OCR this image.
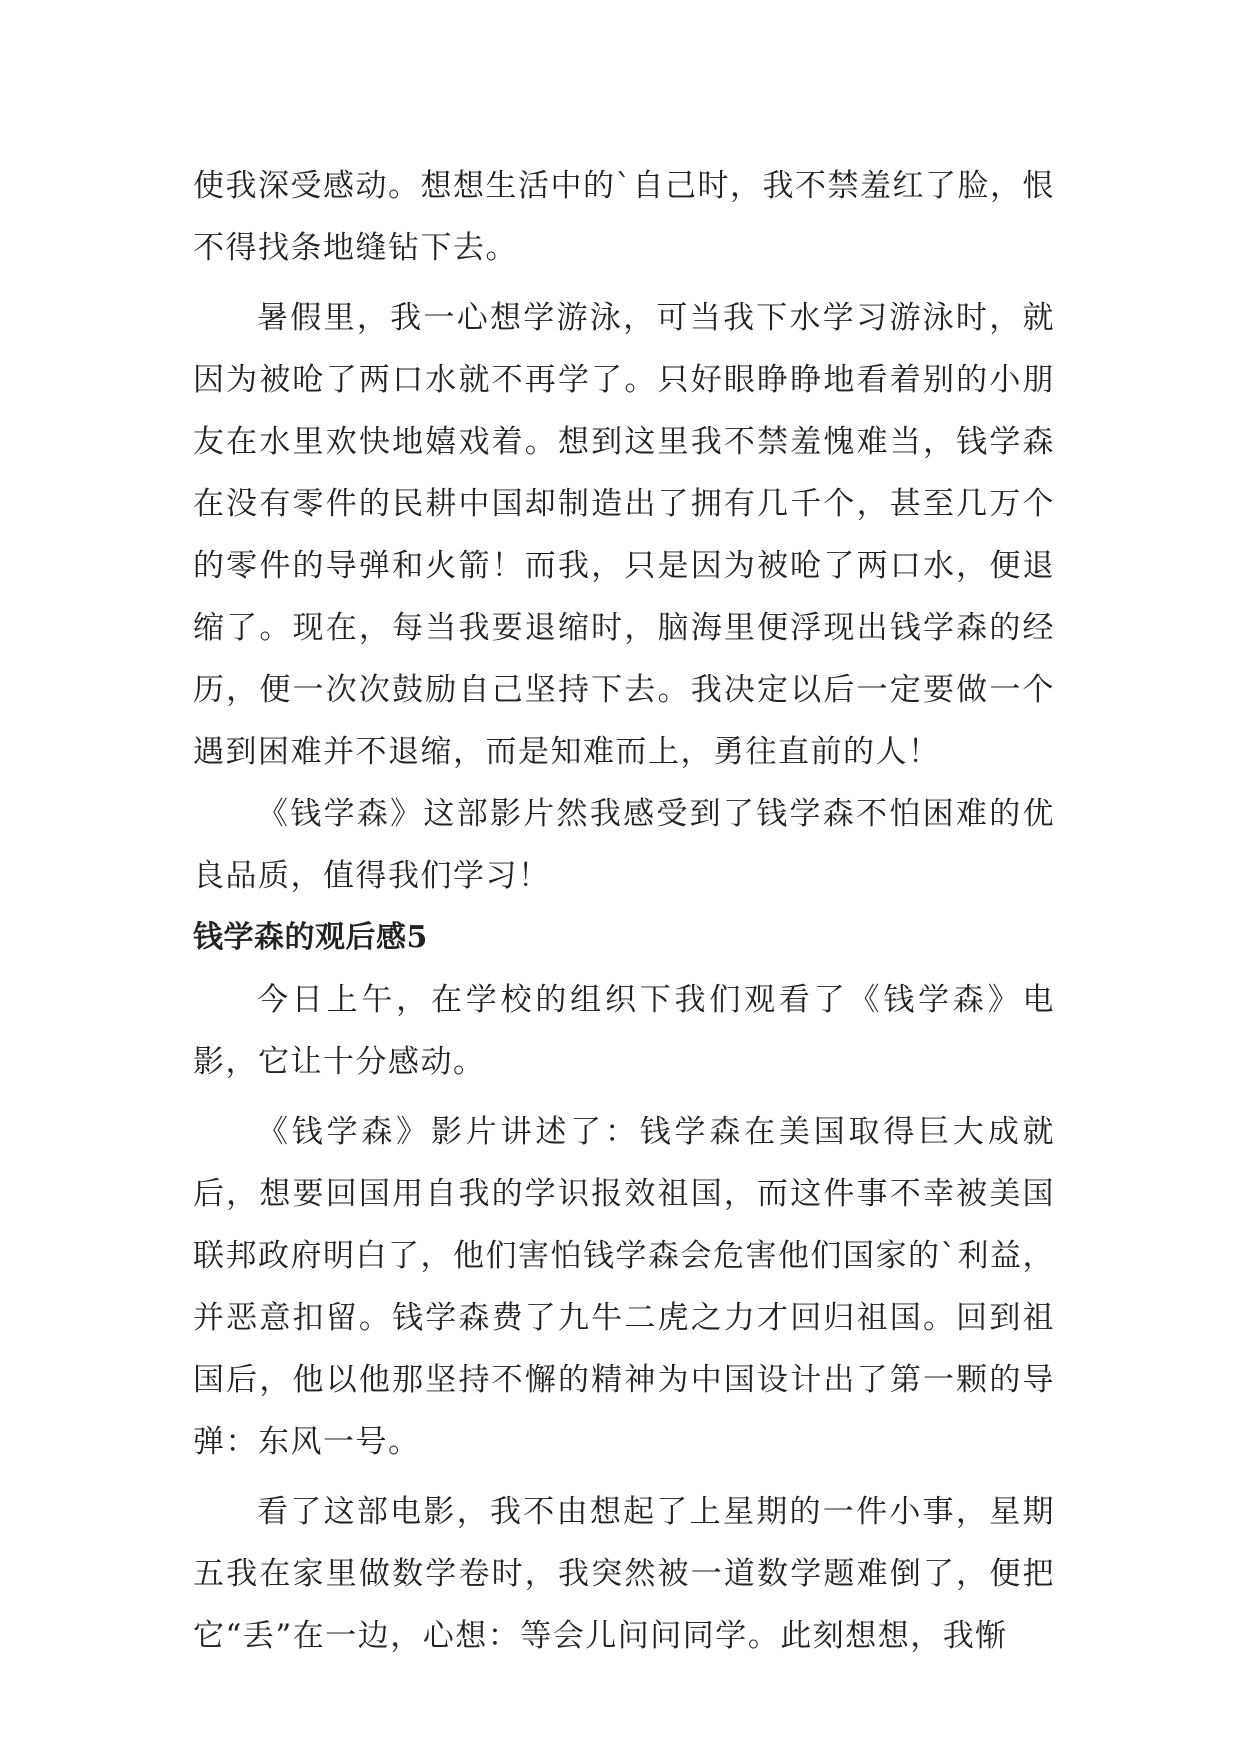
使我深受感动。想想生活中的`自己时，我不禁羞红了脸，恨不得找条地缝钻下去。

暑假里，我一心想学游泳，可当我下水学习游泳时，就因为被呛了两口水就不再学了。只好眼睁睁地看着别的小朋友在水里欢快地嬉戏着。想到这里我不禁羞愧难当，钱学森在没有零件的民耕中国却制造出了拥有几千个，甚至几万个的零件的导弹和火箭！而我，只是因为被呛了两口水，便退缩了。现在，每当我要退缩时，脑海里便浮现出钱学森的经历，便一次次鼓励自己坚持下去。我决定以后一定要做一个遇到困难并不退缩，而是知难而上，勇往直前的人！

《钱学森》这部影片然我感受到了钱学森不怕困难的优良品质，值得我们学习！

钱学森的观后感5

今日上午，在学校的组织下我们观看了《钱学森》电影，它让十分感动。

《钱学森》影片讲述了：钱学森在美国取得巨大成就后，想要回国用自我的学识报效祖国，而这件事不幸被美国联邦政府明白了，他们害怕钱学森会危害他们国家的`利益，并恶意扣留。钱学森费了九牛二虎之力才回归祖国。回到祖国后，他以他那坚持不懈的精神为中国设计出了第一颗的导弹：东风一号。

看了这部电影，我不由想起了上星期的一件小事，星期五我在家里做数学卷时，我突然被一道数学题难倒了，便把它“丢”在一边，心想：等会儿问问同学。此刻想想，我惭
